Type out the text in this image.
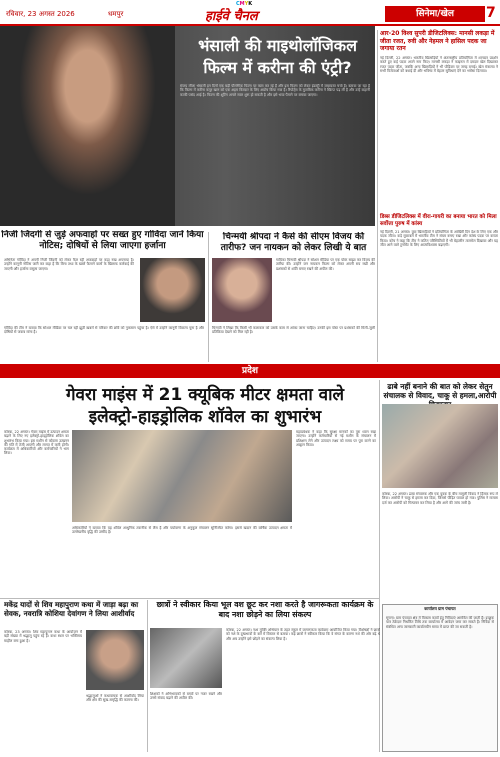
CMYK
रविवार, 23 अगस्त 2026	धमपुर	हाईवे चैनल	सिनेमा/खेल	7
भंसाली की माइथोलॉजिकल
फिल्म में करीना की एंट्री?
संजय लीला भंसाली इन दिनों एक बड़ी पौराणिक फिल्म पर काम कर रहे हैं और इस फिल्म को लेकर इंडस्ट्री में जबरदस्त चर्चा है। बताया जा रहा है कि फिल्म में करीना कपूर खान को एक अहम किरदार के लिए अप्रोच किया गया है। रिपोर्ट्स के मुताबिक करीना ने स्क्रिप्ट पढ़ ली है और उन्हें कहानी काफी पसंद आई है। फिल्म की शूटिंग अगले साल शुरू हो सकती है और इसे भव्य पैमाने पर बनाया जाएगा।
आर-20 विश्व सुपरी डीजिटलिक्स: मानसी लकड़ा में जीता रजत, रुवी और नेहमल ने हासिल पदक जा जगाया रतन
नई दिल्ली, 22 अगस्त। भारतीय खिलाड़ियों ने अंतरराष्ट्रीय प्रतियोगिता में शानदार प्रदर्शन करते हुए कई पदक अपने नाम किए। मानसी लकड़ा ने फाइनल में दमदार खेल दिखाकर रजत पदक जीता, जबकि अन्य खिलाड़ियों ने भी पोडियम पर जगह बनाई। खेल मंत्रालय ने सभी विजेताओं को बधाई दी और भविष्य में बेहतर सुविधाएं देने का भरोसा दिलाया।
डिब्स डीजिटलिक्स में वीरा-गायरी का बनाया भारत को मिला सर्वोत्ता पुरुष में कांस्य
नई दिल्ली, 21 अगस्त। युवा खिलाड़ियों ने प्रतियोगिता के आखिरी दिन देश के लिए एक और पदक जीता। कड़े मुकाबले में भारतीय टीम ने संयम बनाए रखा और कांस्य पदक पर कब्जा किया। कोच ने कहा कि टीम ने कठिन परिस्थितियों में भी बेहतरीन तालमेल दिखाया और यह जीत आने वाले टूर्नामेंट के लिए आत्मविश्वास बढ़ाएगी।
निजी जिंदगी से जुड़े अफवाहों पर सख्त हुए गोविंदा जानें किया नोटिस; दोषियों से लिया जाएगा हर्जाना
अभिनेता गोविंदा ने अपनी निजी जिंदगी को लेकर फैल रही अफवाहों पर कड़ा रुख अपनाया है। उन्होंने कानूनी नोटिस जारी कर कहा है कि बिना तथ्य के खबरें फैलाने वालों के खिलाफ कार्रवाई की जाएगी और हर्जाना वसूला जाएगा।
गोविंदा की टीम ने बताया कि सोशल मीडिया पर चल रही झूठी खबरों से परिवार की छवि को नुकसान पहुंचा है। ऐसे में उन्होंने कानूनी विकल्प चुना है और दोषियों से जवाब मांगा है।
चिन्मयी श्रीपदा ने कैसे की सीएम विजय की तारीफ? जन नायकन को लेकर लिखी ये बात
गायिका चिन्मयी श्रीपदा ने सोशल मीडिया पर एक पोस्ट साझा कर विजय की तारीफ की। उन्होंने जन नायकन फिल्म को लेकर अपनी राय रखी और प्रशंसकों से शांति बनाए रखने की अपील की।
चिन्मयी ने लिखा कि किसी भी कलाकार को उसके काम से आंका जाना चाहिए। उनकी इस पोस्ट पर प्रशंसकों की मिली-जुली प्रतिक्रिया देखने को मिल रही है।
प्रदेश
गेवरा माइंस में 21 क्यूबिक मीटर क्षमता वाले
इलेक्ट्रो-हाइड्रोलिक शॉवेल का शुभारंभ
कोरबा, 22 अगस्त। गेवरा माइंस में उत्पादन क्षमता बढ़ाने के लिए नए इलेक्ट्रो-हाइड्रोलिक शॉवेल का शुभारंभ किया गया। इस मशीन से कोयला उत्खनन की गति में तेजी आएगी और लागत में कमी होगी। कार्यक्रम में अधिकारियों और कर्मचारियों ने भाग लिया।
अधिकारियों ने बताया कि यह शॉवेल आधुनिक तकनीक से लैस है और पर्यावरण के अनुकूल संचालन सुनिश्चित करेगा। इससे खदान की वार्षिक उत्पादन क्षमता में उल्लेखनीय वृद्धि की उम्मीद है।
महाप्रबंधक ने कहा कि सुरक्षा मानकों का पूरा ध्यान रखा जाएगा। उन्होंने कर्मचारियों से नई मशीन के संचालन में प्रशिक्षण लेने और उत्पादन लक्ष्य को समय पर पूरा करने का आह्वान किया।
ढाबे नहीं बनाने की बात को लेकर सेतुन संचालक से विवाद, चाकू से हमला,आरोपी
कोरबा, 22 अगस्त। ढाबा संचालक और एक युवक के बीच मामूली विवाद ने हिंसक रूप ले लिया। आरोपी ने चाकू से हमला कर दिया, जिससे पीड़ित घायल हो गया। पुलिस ने मामला दर्ज कर आरोपी को गिरफ्तार कर लिया है और आगे की जांच जारी है।
मकेंद्र यादों से शिव महापुराण कथा में जाड़ा बढ़ा का सेवक, नवरात्रि कोशिया देवांगण ने लिया आशीर्वाद
कोरबा, 23 अगस्त। शिव महापुराण कथा के आयोजन में बड़ी संख्या में श्रद्धालु पहुंच रहे हैं। कथा स्थल पर भक्तिमय माहौल बना हुआ है।
श्रद्धालुओं ने कथावाचक से आशीर्वाद लिया और क्षेत्र की सुख-समृद्धि की कामना की।
छात्रों ने स्वीकार किया भूल वश छूट कर नशा करते है जागरूकता कार्यक्रम के बाद नशा छोड़ने का लिया संकल्प
कोरबा, 22 अगस्त। नशा मुक्ति अभियान के तहत स्कूल में जागरूकता कार्यक्रम आयोजित किया गया। विशेषज्ञों ने छात्रों को नशे के दुष्प्रभावों के बारे में विस्तार से बताया। कई छात्रों ने स्वीकार किया कि वे संगत के कारण नशे की ओर बढ़े थे और अब उन्होंने इसे छोड़ने का संकल्प लिया है।
शिक्षकों ने अभिभावकों से बच्चों पर नजर रखने और उनसे संवाद बढ़ाने की अपील की।
कार्यालय ग्राम पंचायत
सूचना: ग्राम पंचायत क्षेत्र में विकास कार्यों हेतु निविदाएं आमंत्रित की जाती हैं। इच्छुक पात्र ठेकेदार निर्धारित तिथि तक कार्यालय में आवेदन जमा कर सकते हैं। निविदा से संबंधित अन्य जानकारी कार्यालयीन समय में प्राप्त की जा सकती है।
